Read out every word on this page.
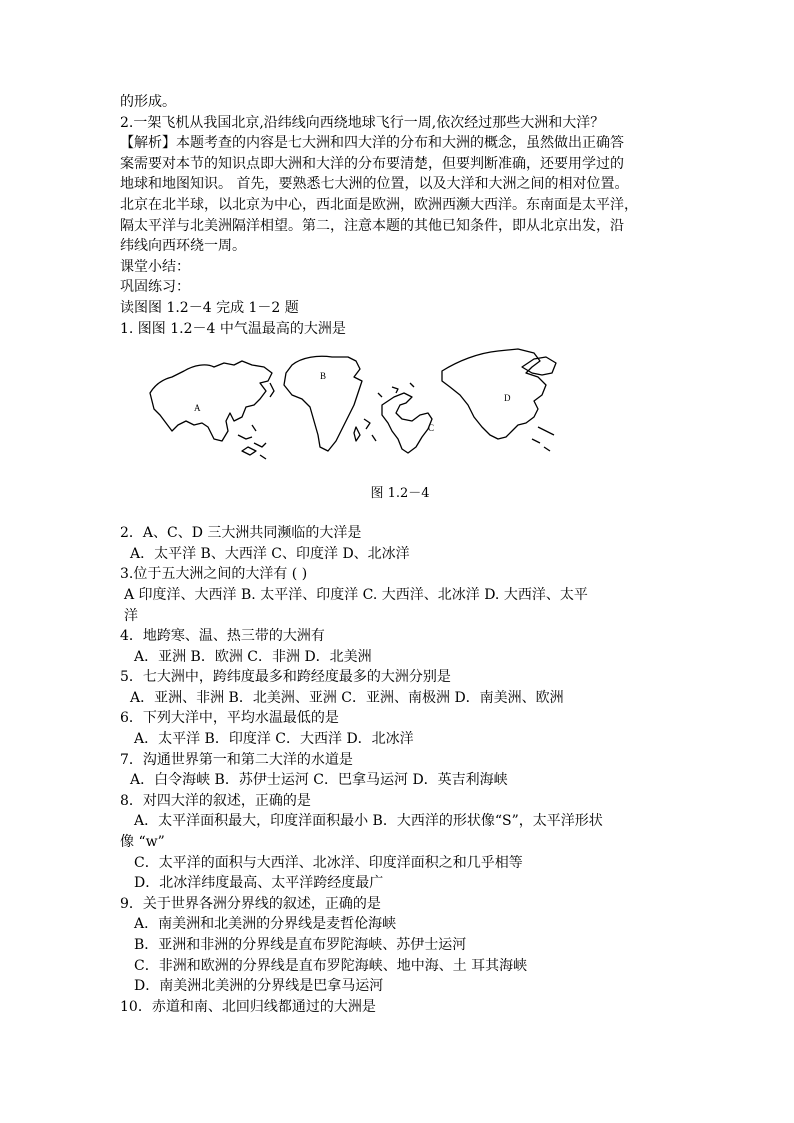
的形成。
2.一架飞机从我国北京,沿纬线向西绕地球飞行一周,依次经过那些大洲和大洋？
【解析】本题考查的内容是七大洲和四大洋的分布和大洲的概念，虽然做出正确答
案需要对本节的知识点即大洲和大洋的分布要清楚，但要判断准确，还要用学过的
地球和地图知识。 首先，要熟悉七大洲的位置，以及大洋和大洲之间的相对位置。
北京在北半球，以北京为中心，西北面是欧洲，欧洲西濒大西洋。东南面是太平洋，
隔太平洋与北美洲隔洋相望。第二，注意本题的其他已知条件，即从北京出发，沿
纬线向西环绕一周。
课堂小结：
巩固练习：
读图图 1.2－4 完成 1－2 题
1. 图图 1.2－4 中气温最高的大洲是
A
B
C
D
图 1.2－4
2．A、C、D 三大洲共同濒临的大洋是
A．太平洋 B、大西洋 C、印度洋 D、北冰洋
3.位于五大洲之间的大洋有 ( )
A 印度洋、大西洋 B. 太平洋、印度洋 C. 大西洋、北冰洋 D. 大西洋、太平
洋
4．地跨寒、温、热三带的大洲有
A．亚洲 B．欧洲 C．非洲 D．北美洲
5．七大洲中，跨纬度最多和跨经度最多的大洲分别是
A．亚洲、非洲 B．北美洲、亚洲 C．亚洲、南极洲 D．南美洲、欧洲
6．下列大洋中，平均水温最低的是
A．太平洋 B．印度洋 C．大西洋 D．北冰洋
7．沟通世界第一和第二大洋的水道是
A．白令海峡 B．苏伊士运河 C．巴拿马运河 D．英吉利海峡
8．对四大洋的叙述，正确的是
A．太平洋面积最大，印度洋面积最小 B．大西洋的形状像“S”，太平洋形状
像 “w”
C．太平洋的面积与大西洋、北冰洋、印度洋面积之和几乎相等
D．北冰洋纬度最高、太平洋跨经度最广
9．关于世界各洲分界线的叙述，正确的是
A．南美洲和北美洲的分界线是麦哲伦海峡
B．亚洲和非洲的分界线是直布罗陀海峡、苏伊士运河
C．非洲和欧洲的分界线是直布罗陀海峡、地中海、土 耳其海峡
D．南美洲北美洲的分界线是巴拿马运河
10．赤道和南、北回归线都通过的大洲是
